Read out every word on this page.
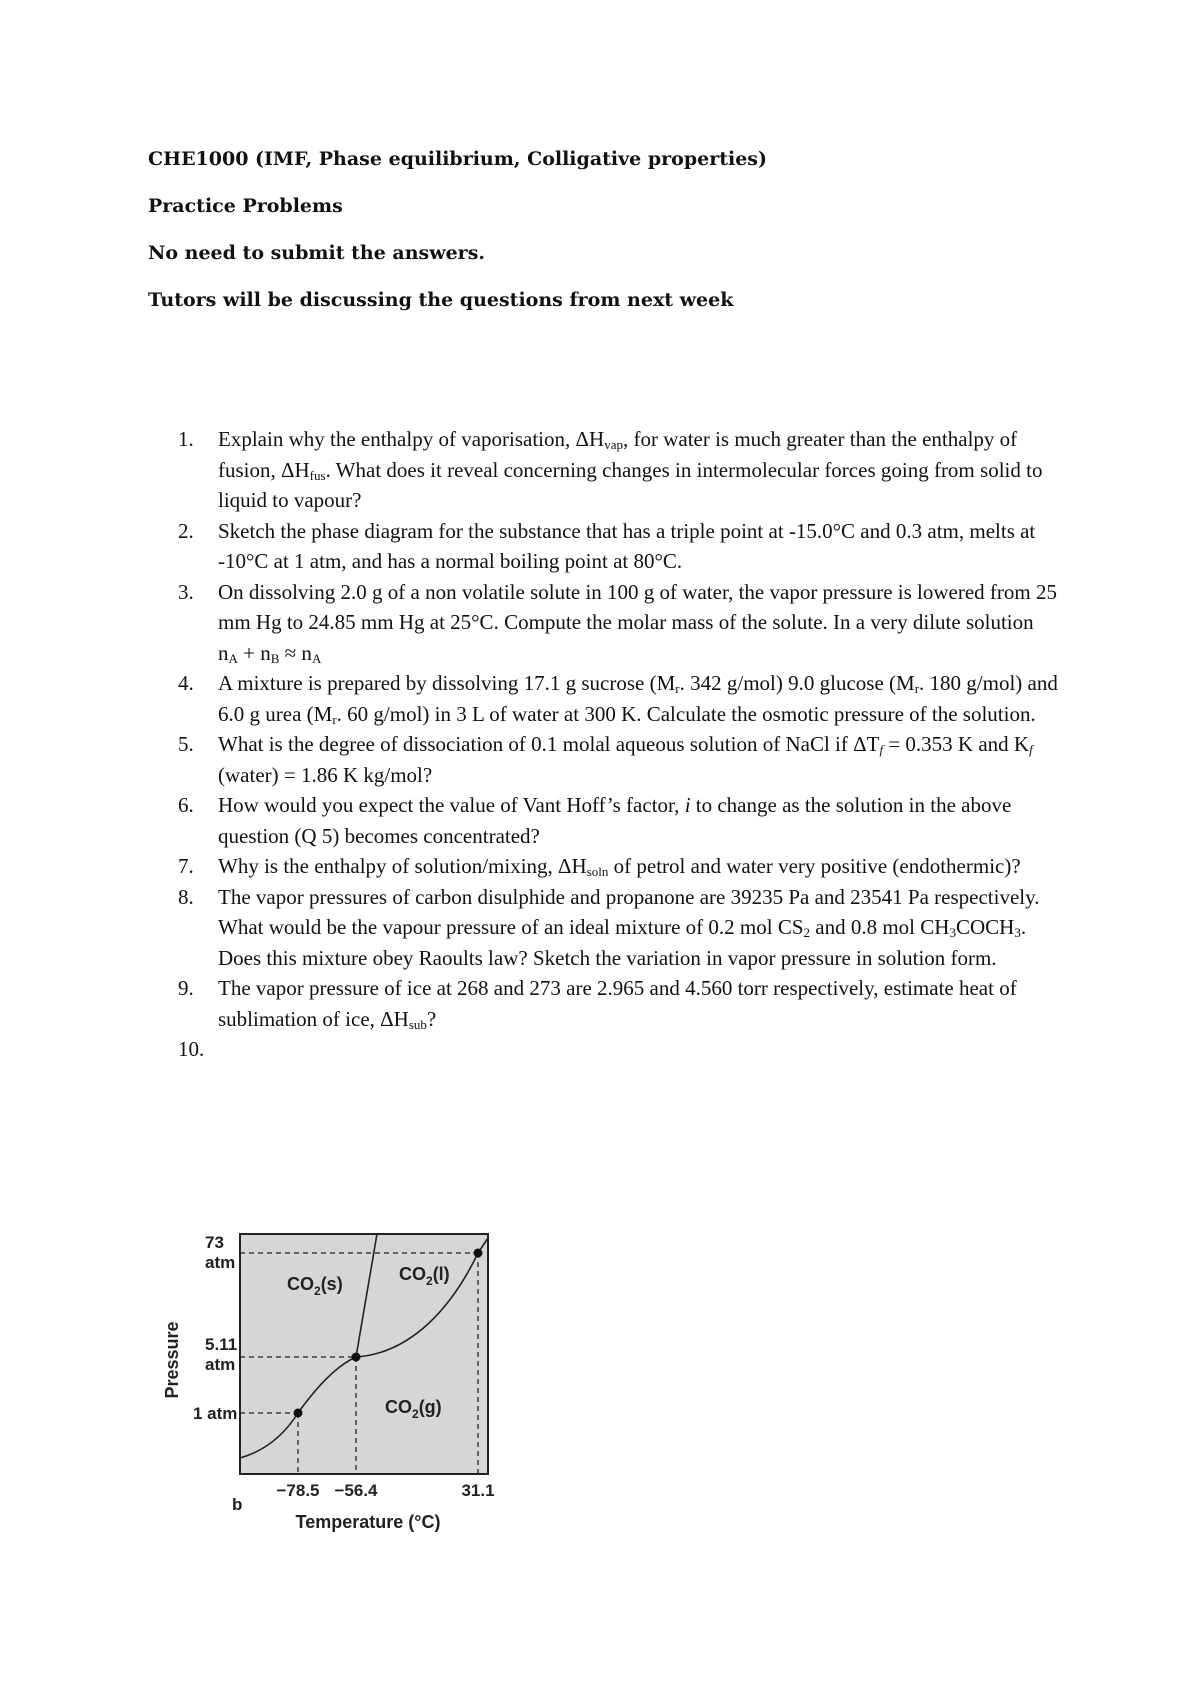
CHE1000 (IMF, Phase equilibrium, Colligative properties)

Practice Problems

No need to submit the answers.

Tutors will be discussing the questions from next week

1. Explain why the enthalpy of vaporisation, $\Delta H_{vap}$, for water is much greater than the enthalpy of fusion, $\Delta H_{fus}$. What does it reveal concerning changes in intermolecular forces going from solid to liquid to vapour?
2. Sketch the phase diagram for the substance that has a triple point at -15.0°C and 0.3 atm, melts at -10°C at 1 atm, and has a normal boiling point at 80°C.
3. On dissolving 2.0 g of a non volatile solute in 100 g of water, the vapor pressure is lowered from 25 mm Hg to 24.85 mm Hg at 25°C. Compute the molar mass of the solute. In a very dilute solution $n_A + n_B \approx n_A$
4. A mixture is prepared by dissolving 17.1 g sucrose ($M_r$. 342 g/mol) 9.0 glucose ($M_r$. 180 g/mol) and 6.0 g urea ($M_r$. 60 g/mol) in 3 L of water at 300 K. Calculate the osmotic pressure of the solution.
5. What is the degree of dissociation of 0.1 molal aqueous solution of NaCl if $\Delta T_f = 0.353$ K and $K_f$ (water) = 1.86 K kg/mol?
6. How would you expect the value of Vant Hoff’s factor, i to change as the solution in the above question (Q 5) becomes concentrated?
7. Why is the enthalpy of solution/mixing, $\Delta H_{soln}$ of petrol and water very positive (endothermic)?
8. The vapor pressures of carbon disulphide and propanone are 39235 Pa and 23541 Pa respectively. What would be the vapour pressure of an ideal mixture of 0.2 mol $CS_2$ and 0.8 mol $CH_3COCH_3$. Does this mixture obey Raoults law? Sketch the variation in vapor pressure in solution form.
9. The vapor pressure of ice at 268 and 273 are 2.965 and 4.560 torr respectively, estimate heat of sublimation of ice, $\Delta H_{sub}$?
10.
$CO_2(s)$	$CO_2(l)$
$CO_2(g)$
73
atm
5.11
atm
1 atm
Pressure
−78.5 −56.4	31.1
b
Temperature (°C)
